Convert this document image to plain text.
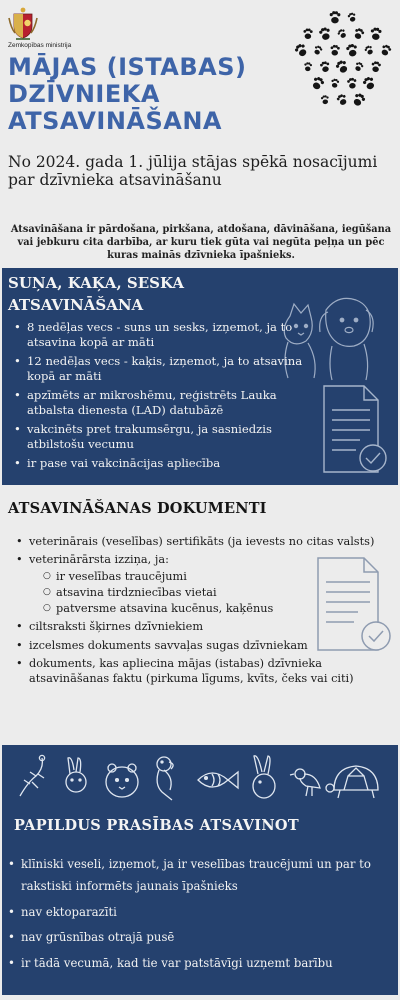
Zemkopības ministrija
MĀJAS (ISTABAS) DZĪVNIEKA ATSAVINĀŠANA
No 2024. gada 1. jūlija stājas spēkā nosacījumi par dzīvnieka atsavināšanu
Atsavināšana ir pārdošana, pirkšana, atdošana, dāvināšana, iegūšana vai jebkuru cita darbība, ar kuru tiek gūta vai negūta peļņa un pēc kuras mainās dzīvnieka īpašnieks.
SUŅA, KAĶA, SESKA ATSAVINĀŠANA
• 8 nedēļas vecs - suns un sesks, izņemot, ja to atsavina kopā ar māti
• 12 nedēļas vecs - kaķis, izņemot, ja to atsavina kopā ar māti
• apzīmēts ar mikroshēmu, reģistrēts Lauka atbalsta dienesta (LAD) datubāzē
• vakcinēts pret trakumsērgu, ja sasniedzis atbilstošu vecumu
• ir pase vai vakcinācijas apliecība
ATSAVINĀŠANAS DOKUMENTI
• veterinārais (veselības) sertifikāts (ja ievests no citas valsts)
• veterinārārsta izziņa, ja:
○ ir veselības traucējumi
○ atsavina tirdzniecības vietai
○ patversme atsavina kucēnus, kaķēnus
• ciltsraksti šķirnes dzīvniekiem
• izcelsmes dokuments savvaļas sugas dzīvniekam
• dokuments, kas apliecina mājas (istabas) dzīvnieka atsavināšanas faktu (pirkuma līgums, kvīts, čeks vai citi)
PAPILDUS PRASĪBAS ATSAVINOT
• klīniski veseli, izņemot, ja ir veselības traucējumi un par to rakstiski informēts jaunais īpašnieks
• nav ektoparazīti
• nav grūsnības otrajā pusē
• ir tādā vecumā, kad tie var patstāvīgi uzņemt barību
